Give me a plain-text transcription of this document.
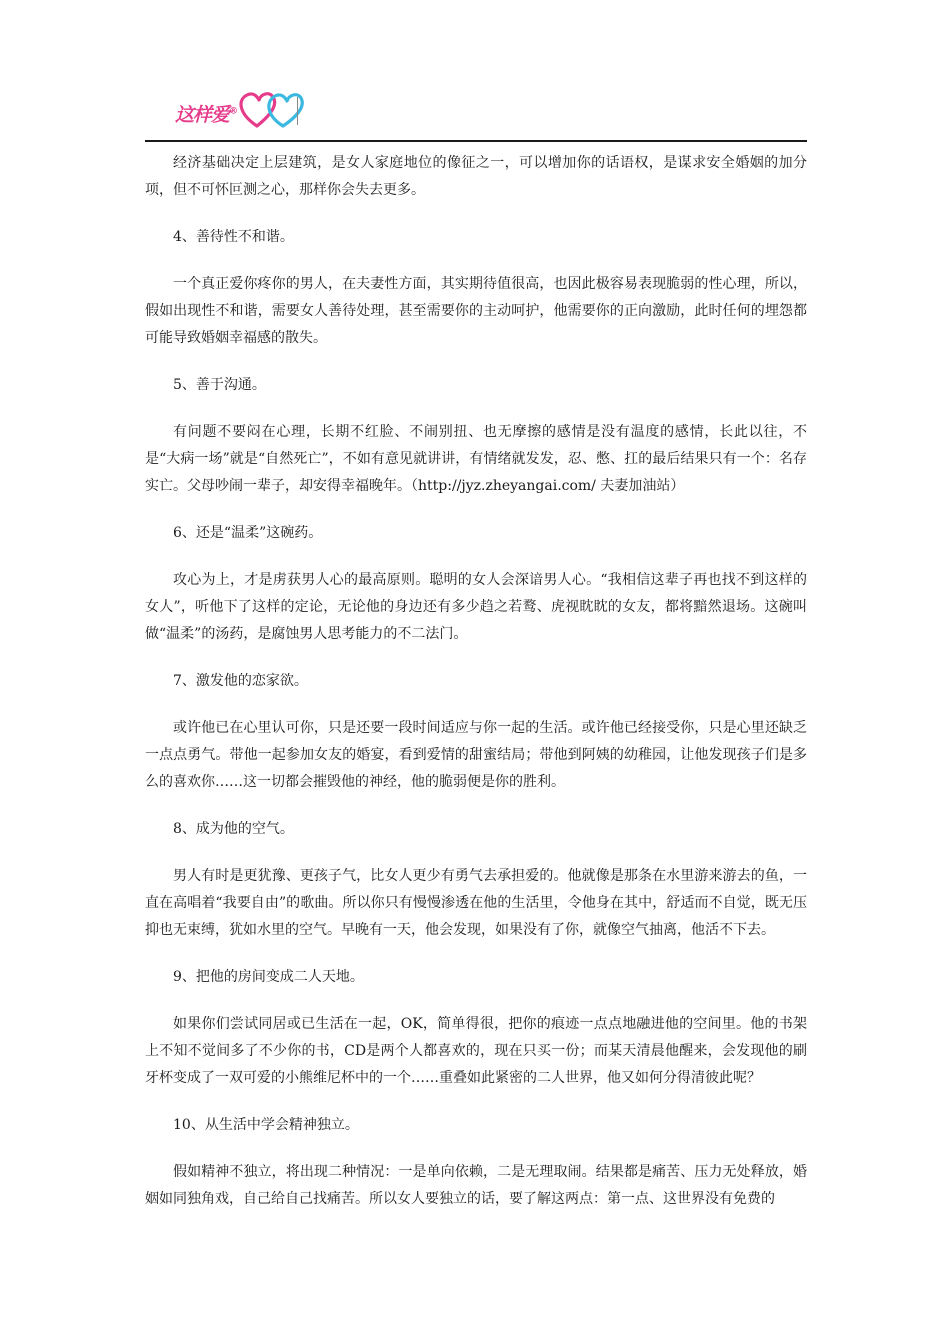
这样爱®

经济基础决定上层建筑，是女人家庭地位的像征之一，可以增加你的话语权，是谋求安全婚姻的加分项，但不可怀叵测之心，那样你会失去更多。

4、善待性不和谐。

一个真正爱你疼你的男人，在夫妻性方面，其实期待值很高，也因此极容易表现脆弱的性心理，所以，假如出现性不和谐，需要女人善待处理，甚至需要你的主动呵护，他需要你的正向激励，此时任何的埋怨都可能导致婚姻幸福感的散失。

5、善于沟通。

有问题不要闷在心理，长期不红脸、不闹别扭、也无摩擦的感情是没有温度的感情，长此以往，不是“大病一场”就是“自然死亡”，不如有意见就讲讲，有情绪就发发，忍、憋、扛的最后结果只有一个：名存实亡。父母吵闹一辈子，却安得幸福晚年。（http://jyz.zheyangai.com/ 夫妻加油站）

6、还是“温柔”这碗药。

攻心为上，才是虏获男人心的最高原则。聪明的女人会深谙男人心。“我相信这辈子再也找不到这样的女人”，听他下了这样的定论，无论他的身边还有多少趋之若鹜、虎视眈眈的女友，都将黯然退场。这碗叫做“温柔”的汤药，是腐蚀男人思考能力的不二法门。

7、激发他的恋家欲。

或许他已在心里认可你，只是还要一段时间适应与你一起的生活。或许他已经接受你，只是心里还缺乏一点点勇气。带他一起参加女友的婚宴，看到爱情的甜蜜结局；带他到阿姨的幼稚园，让他发现孩子们是多么的喜欢你……这一切都会摧毁他的神经，他的脆弱便是你的胜利。

8、成为他的空气。

男人有时是更犹豫、更孩子气，比女人更少有勇气去承担爱的。他就像是那条在水里游来游去的鱼，一直在高唱着“我要自由”的歌曲。所以你只有慢慢渗透在他的生活里，令他身在其中，舒适而不自觉，既无压抑也无束缚，犹如水里的空气。早晚有一天，他会发现，如果没有了你，就像空气抽离，他活不下去。

9、把他的房间变成二人天地。

如果你们尝试同居或已生活在一起，OK，简单得很，把你的痕迹一点点地融进他的空间里。他的书架上不知不觉间多了不少你的书，CD是两个人都喜欢的，现在只买一份；而某天清晨他醒来，会发现他的刷牙杯变成了一双可爱的小熊维尼杯中的一个……重叠如此紧密的二人世界，他又如何分得清彼此呢？

10、从生活中学会精神独立。

假如精神不独立，将出现二种情况：一是单向依赖，二是无理取闹。结果都是痛苦、压力无处释放，婚姻如同独角戏，自己给自己找痛苦。所以女人要独立的话，要了解这两点：第一点、这世界没有免费的
